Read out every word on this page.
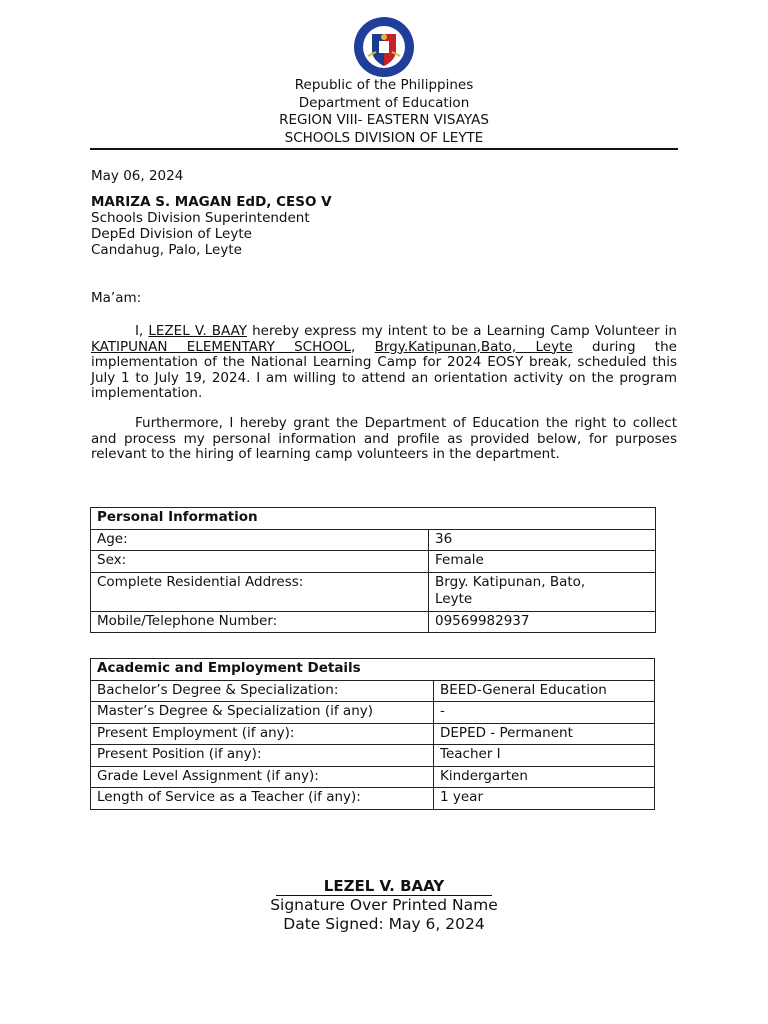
Republic of the Philippines
Department of Education
REGION VIII- EASTERN VISAYAS
SCHOOLS DIVISION OF LEYTE
May 06, 2024
MARIZA S. MAGAN EdD, CESO V
Schools Division Superintendent
DepEd Division of Leyte
Candahug, Palo, Leyte
Ma’am:

I, LEZEL V. BAAY hereby express my intent to be a Learning Camp Volunteer in KATIPUNAN ELEMENTARY SCHOOL, Brgy.Katipunan,Bato, Leyte during the implementation of the National Learning Camp for 2024 EOSY break, scheduled this July 1 to July 19, 2024. I am willing to attend an orientation activity on the program implementation.

Furthermore, I hereby grant the Department of Education the right to collect and process my personal information and profile as provided below, for purposes relevant to the hiring of learning camp volunteers in the department.

Personal Information	
Age:	36
Sex:	Female
Complete Residential Address:	Brgy. Katipunan, Bato, Leyte
Mobile/Telephone Number:	09569982937
Academic and Employment Details	
Bachelor’s Degree & Specialization:	BEED-General Education
Master’s Degree & Specialization (if any)	-
Present Employment (if any):	DEPED - Permanent
Present Position (if any):	Teacher I
Grade Level Assignment (if any):	Kindergarten
Length of Service as a Teacher (if any):	1 year
LEZEL V. BAAY
Signature Over Printed Name
Date Signed: May 6, 2024
